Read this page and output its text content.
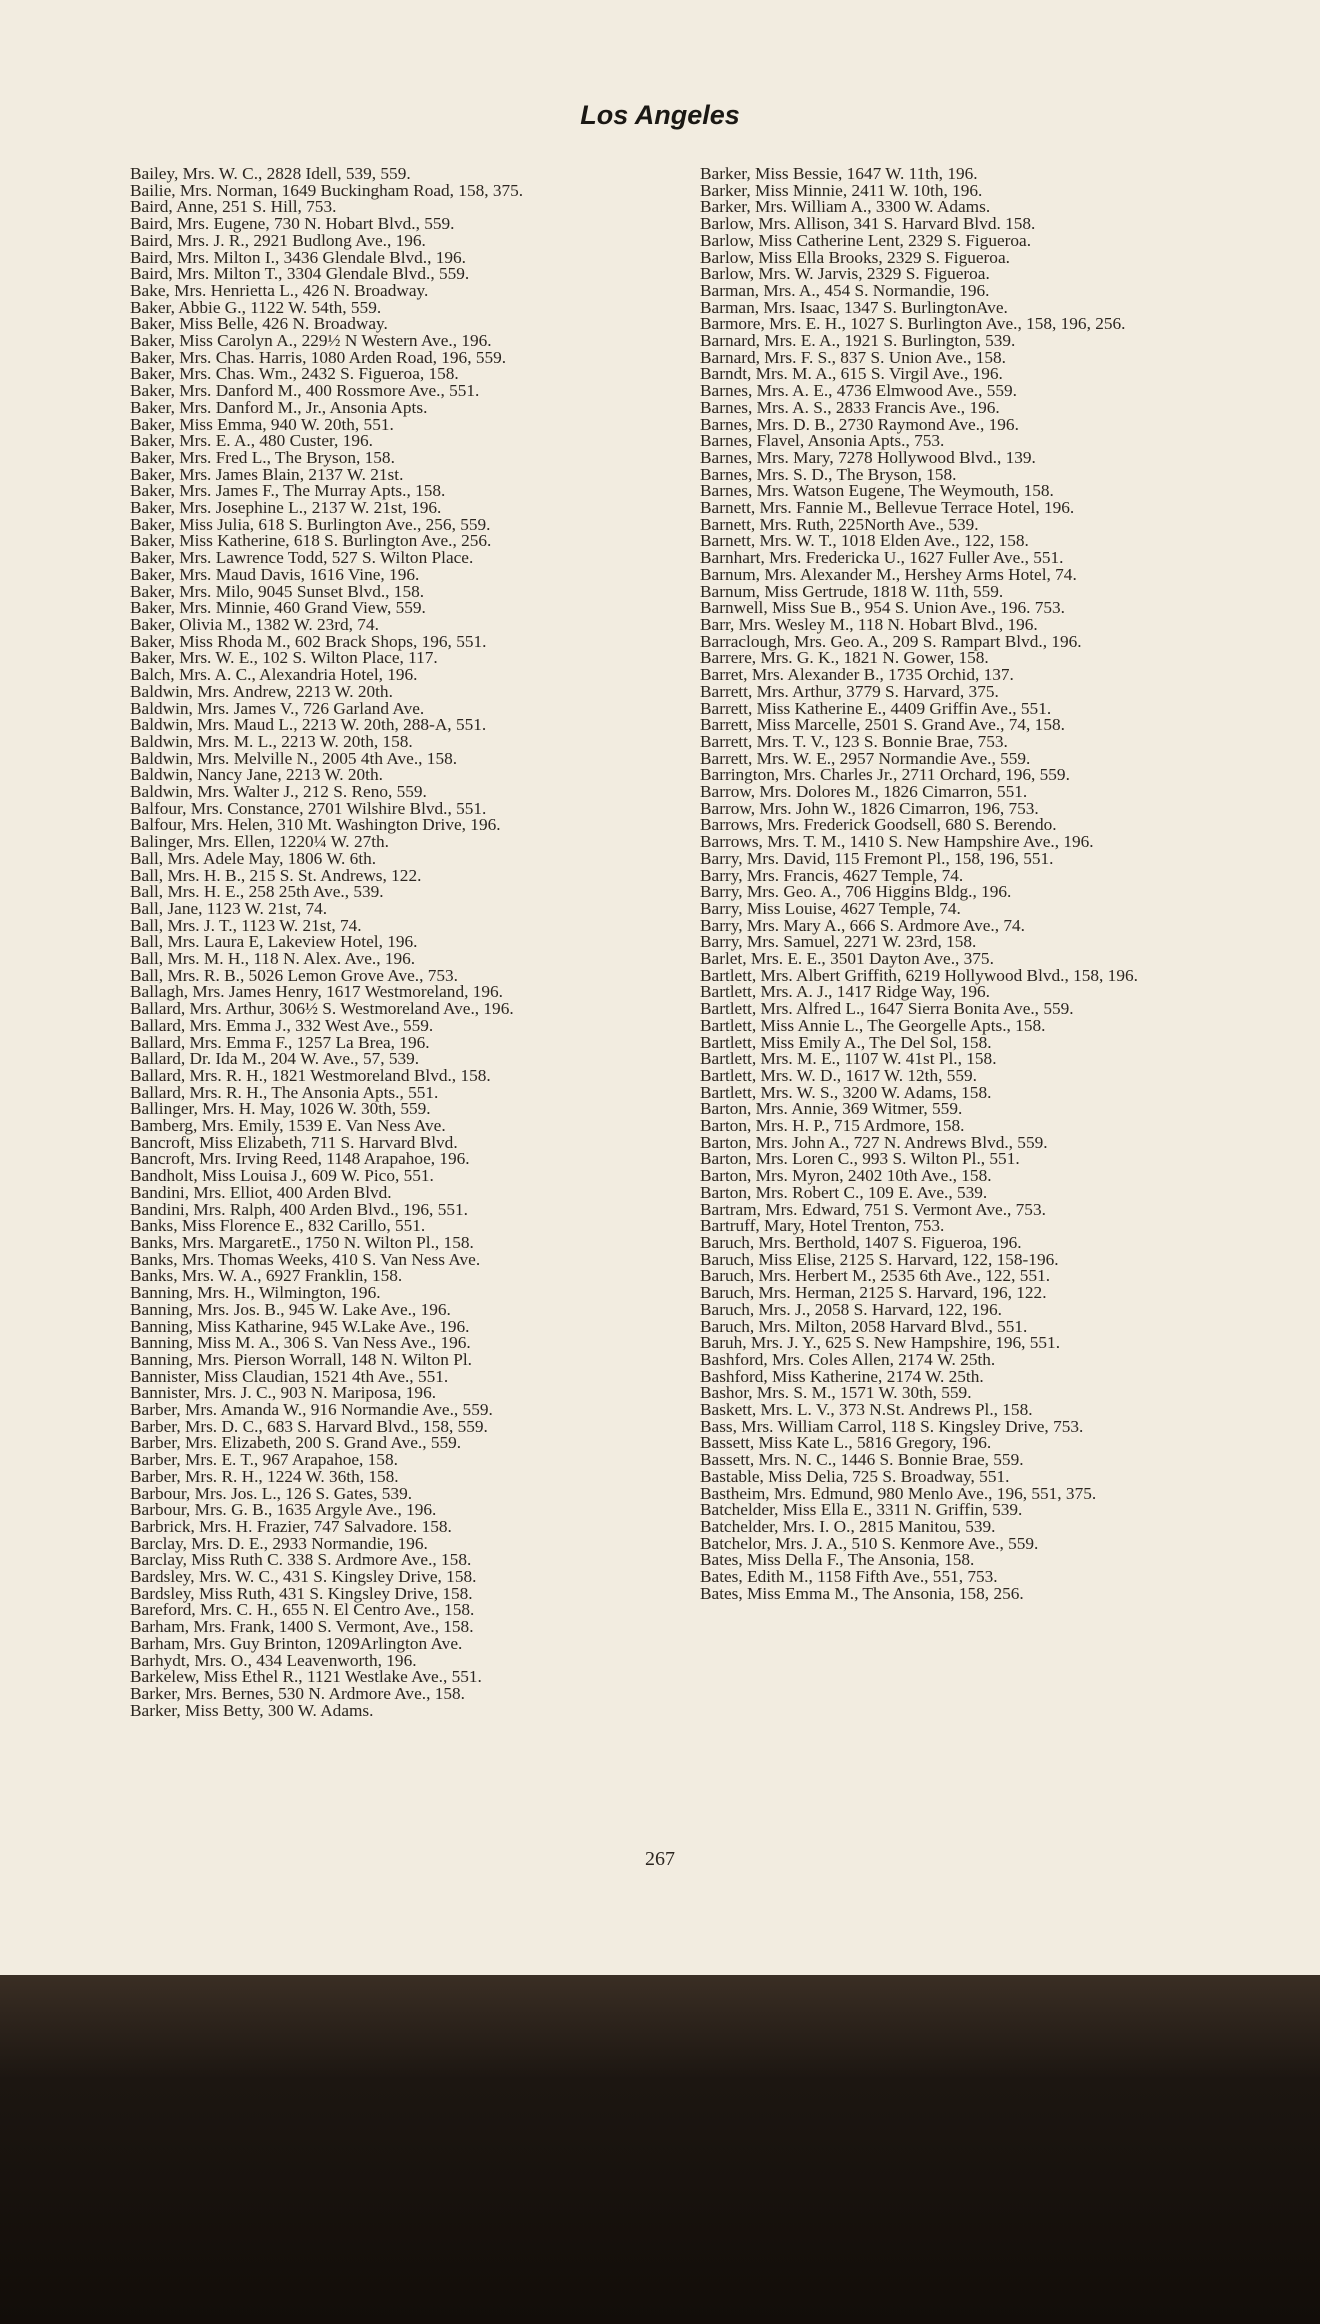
Los Angeles
Bailey, Mrs. W. C., 2828 Idell, 539, 559.
Bailie, Mrs. Norman, 1649 Buckingham Road, 158, 375.
Baird, Anne, 251 S. Hill, 753.
Baird, Mrs. Eugene, 730 N. Hobart Blvd., 559.
Baird, Mrs. J. R., 2921 Budlong Ave., 196.
Baird, Mrs. Milton I., 3436 Glendale Blvd., 196.
Baird, Mrs. Milton T., 3304 Glendale Blvd., 559.
Bake, Mrs. Henrietta L., 426 N. Broadway.
Baker, Abbie G., 1122 W. 54th, 559.
Baker, Miss Belle, 426 N. Broadway.
Baker, Miss Carolyn A., 229½ N Western Ave., 196.
Baker, Mrs. Chas. Harris, 1080 Arden Road, 196, 559.
Baker, Mrs. Chas. Wm., 2432 S. Figueroa, 158.
Baker, Mrs. Danford M., 400 Rossmore Ave., 551.
Baker, Mrs. Danford M., Jr., Ansonia Apts.
Baker, Miss Emma, 940 W. 20th, 551.
Baker, Mrs. E. A., 480 Custer, 196.
Baker, Mrs. Fred L., The Bryson, 158.
Baker, Mrs. James Blain, 2137 W. 21st.
Baker, Mrs. James F., The Murray Apts., 158.
Baker, Mrs. Josephine L., 2137 W. 21st, 196.
Baker, Miss Julia, 618 S. Burlington Ave., 256, 559.
Baker, Miss Katherine, 618 S. Burlington Ave., 256.
Baker, Mrs. Lawrence Todd, 527 S. Wilton Place.
Baker, Mrs. Maud Davis, 1616 Vine, 196.
Baker, Mrs. Milo, 9045 Sunset Blvd., 158.
Baker, Mrs. Minnie, 460 Grand View, 559.
Baker, Olivia M., 1382 W. 23rd, 74.
Baker, Miss Rhoda M., 602 Brack Shops, 196, 551.
Baker, Mrs. W. E., 102 S. Wilton Place, 117.
Balch, Mrs. A. C., Alexandria Hotel, 196.
Baldwin, Mrs. Andrew, 2213 W. 20th.
Baldwin, Mrs. James V., 726 Garland Ave.
Baldwin, Mrs. Maud L., 2213 W. 20th, 288-A, 551.
Baldwin, Mrs. M. L., 2213 W. 20th, 158.
Baldwin, Mrs. Melville N., 2005 4th Ave., 158.
Baldwin, Nancy Jane, 2213 W. 20th.
Baldwin, Mrs. Walter J., 212 S. Reno, 559.
Balfour, Mrs. Constance, 2701 Wilshire Blvd., 551.
Balfour, Mrs. Helen, 310 Mt. Washington Drive, 196.
Balinger, Mrs. Ellen, 1220¼ W. 27th.
Ball, Mrs. Adele May, 1806 W. 6th.
Ball, Mrs. H. B., 215 S. St. Andrews, 122.
Ball, Mrs. H. E., 258 25th Ave., 539.
Ball, Jane, 1123 W. 21st, 74.
Ball, Mrs. J. T., 1123 W. 21st, 74.
Ball, Mrs. Laura E, Lakeview Hotel, 196.
Ball, Mrs. M. H., 118 N. Alex. Ave., 196.
Ball, Mrs. R. B., 5026 Lemon Grove Ave., 753.
Ballagh, Mrs. James Henry, 1617 Westmoreland, 196.
Ballard, Mrs. Arthur, 306½ S. Westmoreland Ave., 196.
Ballard, Mrs. Emma J., 332 West Ave., 559.
Ballard, Mrs. Emma F., 1257 La Brea, 196.
Ballard, Dr. Ida M., 204 W. Ave., 57, 539.
Ballard, Mrs. R. H., 1821 Westmoreland Blvd., 158.
Ballard, Mrs. R. H., The Ansonia Apts., 551.
Ballinger, Mrs. H. May, 1026 W. 30th, 559.
Bamberg, Mrs. Emily, 1539 E. Van Ness Ave.
Bancroft, Miss Elizabeth, 711 S. Harvard Blvd.
Bancroft, Mrs. Irving Reed, 1148 Arapahoe, 196.
Bandholt, Miss Louisa J., 609 W. Pico, 551.
Bandini, Mrs. Elliot, 400 Arden Blvd.
Bandini, Mrs. Ralph, 400 Arden Blvd., 196, 551.
Banks, Miss Florence E., 832 Carillo, 551.
Banks, Mrs. MargaretE., 1750 N. Wilton Pl., 158.
Banks, Mrs. Thomas Weeks, 410 S. Van Ness Ave.
Banks, Mrs. W. A., 6927 Franklin, 158.
Banning, Mrs. H., Wilmington, 196.
Banning, Mrs. Jos. B., 945 W. Lake Ave., 196.
Banning, Miss Katharine, 945 W.Lake Ave., 196.
Banning, Miss M. A., 306 S. Van Ness Ave., 196.
Banning, Mrs. Pierson Worrall, 148 N. Wilton Pl.
Bannister, Miss Claudian, 1521 4th Ave., 551.
Bannister, Mrs. J. C., 903 N. Mariposa, 196.
Barber, Mrs. Amanda W., 916 Normandie Ave., 559.
Barber, Mrs. D. C., 683 S. Harvard Blvd., 158, 559.
Barber, Mrs. Elizabeth, 200 S. Grand Ave., 559.
Barber, Mrs. E. T., 967 Arapahoe, 158.
Barber, Mrs. R. H., 1224 W. 36th, 158.
Barbour, Mrs. Jos. L., 126 S. Gates, 539.
Barbour, Mrs. G. B., 1635 Argyle Ave., 196.
Barbrick, Mrs. H. Frazier, 747 Salvadore. 158.
Barclay, Mrs. D. E., 2933 Normandie, 196.
Barclay, Miss Ruth C. 338 S. Ardmore Ave., 158.
Bardsley, Mrs. W. C., 431 S. Kingsley Drive, 158.
Bardsley, Miss Ruth, 431 S. Kingsley Drive, 158.
Bareford, Mrs. C. H., 655 N. El Centro Ave., 158.
Barham, Mrs. Frank, 1400 S. Vermont, Ave., 158.
Barham, Mrs. Guy Brinton, 1209Arlington Ave.
Barhydt, Mrs. O., 434 Leavenworth, 196.
Barkelew, Miss Ethel R., 1121 Westlake Ave., 551.
Barker, Mrs. Bernes, 530 N. Ardmore Ave., 158.
Barker, Miss Betty, 300 W. Adams.
Barker, Miss Bessie, 1647 W. 11th, 196.
Barker, Miss Minnie, 2411 W. 10th, 196.
Barker, Mrs. William A., 3300 W. Adams.
Barlow, Mrs. Allison, 341 S. Harvard Blvd. 158.
Barlow, Miss Catherine Lent, 2329 S. Figueroa.
Barlow, Miss Ella Brooks, 2329 S. Figueroa.
Barlow, Mrs. W. Jarvis, 2329 S. Figueroa.
Barman, Mrs. A., 454 S. Normandie, 196.
Barman, Mrs. Isaac, 1347 S. BurlingtonAve.
Barmore, Mrs. E. H., 1027 S. Burlington Ave., 158, 196, 256.
Barnard, Mrs. E. A., 1921 S. Burlington, 539.
Barnard, Mrs. F. S., 837 S. Union Ave., 158.
Barndt, Mrs. M. A., 615 S. Virgil Ave., 196.
Barnes, Mrs. A. E., 4736 Elmwood Ave., 559.
Barnes, Mrs. A. S., 2833 Francis Ave., 196.
Barnes, Mrs. D. B., 2730 Raymond Ave., 196.
Barnes, Flavel, Ansonia Apts., 753.
Barnes, Mrs. Mary, 7278 Hollywood Blvd., 139.
Barnes, Mrs. S. D., The Bryson, 158.
Barnes, Mrs. Watson Eugene, The Weymouth, 158.
Barnett, Mrs. Fannie M., Bellevue Terrace Hotel, 196.
Barnett, Mrs. Ruth, 225North Ave., 539.
Barnett, Mrs. W. T., 1018 Elden Ave., 122, 158.
Barnhart, Mrs. Fredericka U., 1627 Fuller Ave., 551.
Barnum, Mrs. Alexander M., Hershey Arms Hotel, 74.
Barnum, Miss Gertrude, 1818 W. 11th, 559.
Barnwell, Miss Sue B., 954 S. Union Ave., 196. 753.
Barr, Mrs. Wesley M., 118 N. Hobart Blvd., 196.
Barraclough, Mrs. Geo. A., 209 S. Rampart Blvd., 196.
Barrere, Mrs. G. K., 1821 N. Gower, 158.
Barret, Mrs. Alexander B., 1735 Orchid, 137.
Barrett, Mrs. Arthur, 3779 S. Harvard, 375.
Barrett, Miss Katherine E., 4409 Griffin Ave., 551.
Barrett, Miss Marcelle, 2501 S. Grand Ave., 74, 158.
Barrett, Mrs. T. V., 123 S. Bonnie Brae, 753.
Barrett, Mrs. W. E., 2957 Normandie Ave., 559.
Barrington, Mrs. Charles Jr., 2711 Orchard, 196, 559.
Barrow, Mrs. Dolores M., 1826 Cimarron, 551.
Barrow, Mrs. John W., 1826 Cimarron, 196, 753.
Barrows, Mrs. Frederick Goodsell, 680 S. Berendo.
Barrows, Mrs. T. M., 1410 S. New Hampshire Ave., 196.
Barry, Mrs. David, 115 Fremont Pl., 158, 196, 551.
Barry, Mrs. Francis, 4627 Temple, 74.
Barry, Mrs. Geo. A., 706 Higgins Bldg., 196.
Barry, Miss Louise, 4627 Temple, 74.
Barry, Mrs. Mary A., 666 S. Ardmore Ave., 74.
Barry, Mrs. Samuel, 2271 W. 23rd, 158.
Barlet, Mrs. E. E., 3501 Dayton Ave., 375.
Bartlett, Mrs. Albert Griffith, 6219 Hollywood Blvd., 158, 196.
Bartlett, Mrs. A. J., 1417 Ridge Way, 196.
Bartlett, Mrs. Alfred L., 1647 Sierra Bonita Ave., 559.
Bartlett, Miss Annie L., The Georgelle Apts., 158.
Bartlett, Miss Emily A., The Del Sol, 158.
Bartlett, Mrs. M. E., 1107 W. 41st Pl., 158.
Bartlett, Mrs. W. D., 1617 W. 12th, 559.
Bartlett, Mrs. W. S., 3200 W. Adams, 158.
Barton, Mrs. Annie, 369 Witmer, 559.
Barton, Mrs. H. P., 715 Ardmore, 158.
Barton, Mrs. John A., 727 N. Andrews Blvd., 559.
Barton, Mrs. Loren C., 993 S. Wilton Pl., 551.
Barton, Mrs. Myron, 2402 10th Ave., 158.
Barton, Mrs. Robert C., 109 E. Ave., 539.
Bartram, Mrs. Edward, 751 S. Vermont Ave., 753.
Bartruff, Mary, Hotel Trenton, 753.
Baruch, Mrs. Berthold, 1407 S. Figueroa, 196.
Baruch, Miss Elise, 2125 S. Harvard, 122, 158-196.
Baruch, Mrs. Herbert M., 2535 6th Ave., 122, 551.
Baruch, Mrs. Herman, 2125 S. Harvard, 196, 122.
Baruch, Mrs. J., 2058 S. Harvard, 122, 196.
Baruch, Mrs. Milton, 2058 Harvard Blvd., 551.
Baruh, Mrs. J. Y., 625 S. New Hampshire, 196, 551.
Bashford, Mrs. Coles Allen, 2174 W. 25th.
Bashford, Miss Katherine, 2174 W. 25th.
Bashor, Mrs. S. M., 1571 W. 30th, 559.
Baskett, Mrs. L. V., 373 N.St. Andrews Pl., 158.
Bass, Mrs. William Carrol, 118 S. Kingsley Drive, 753.
Bassett, Miss Kate L., 5816 Gregory, 196.
Bassett, Mrs. N. C., 1446 S. Bonnie Brae, 559.
Bastable, Miss Delia, 725 S. Broadway, 551.
Bastheim, Mrs. Edmund, 980 Menlo Ave., 196, 551, 375.
Batchelder, Miss Ella E., 3311 N. Griffin, 539.
Batchelder, Mrs. I. O., 2815 Manitou, 539.
Batchelor, Mrs. J. A., 510 S. Kenmore Ave., 559.
Bates, Miss Della F., The Ansonia, 158.
Bates, Edith M., 1158 Fifth Ave., 551, 753.
Bates, Miss Emma M., The Ansonia, 158, 256.
267
